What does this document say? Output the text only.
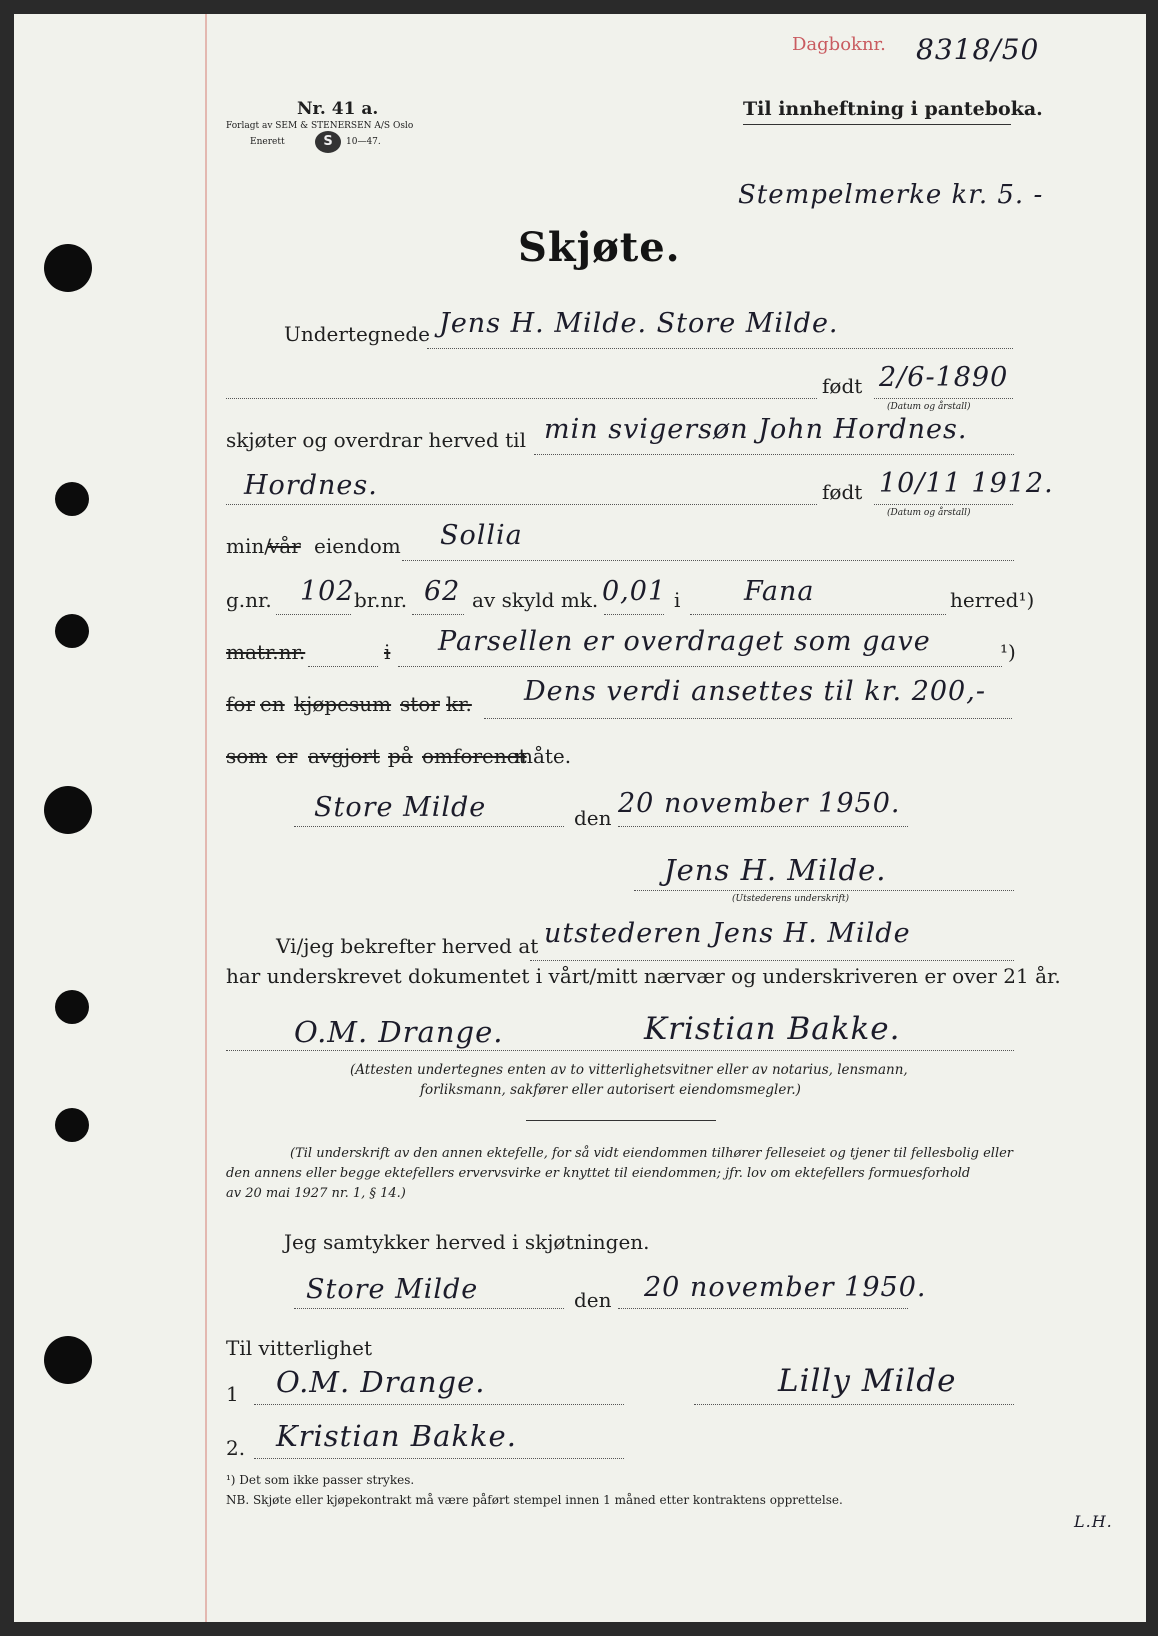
Dagboknr. 8318/50
Nr. 41 a.
Forlagt av SEM & STENERSEN A/S Oslo
Enerett	S	10—47.
Til innheftning i panteboka.
Stempelmerke kr. 5. -
Skjøte.
Undertegnede Jens H. Milde. Store Milde.
født 2/6-1890
(Datum og årstall)
skjøter og overdrar herved til min svigersøn John Hordnes.
Hordnes.	født 10/11 1912.
(Datum og årstall)
min/
vår eiendom Sollia
g.nr. 102 br.nr. 62 av skyld mk. 0,01 i Fana	herred¹)
matr.nr.	i Parsellen er overdraget som gave	¹)
for en kjøpesum stor kr. Dens verdi ansettes til kr. 200,-
som er avgjort på omforenet
måte.
Store Milde	den 20 november 1950.
Jens H. Milde.
(Utstederens underskrift)
Vi/jeg bekrefter herved at utstederen Jens H. Milde
har underskrevet dokumentet i vårt/mitt nærvær og underskriveren er over 21 år.
O.M. Drange.	Kristian Bakke.
(Attesten undertegnes enten av to vitterlighetsvitner eller av notarius, lensmann,
forliksmann, sakfører eller autorisert eiendomsmegler.)
(Til underskrift av den annen ektefelle, for så vidt eiendommen tilhører felleseiet og tjener til fellesbolig eller
den annens eller begge ektefellers ervervsvirke er knyttet til eiendommen; jfr. lov om ektefellers formuesforhold
av 20 mai 1927 nr. 1, § 14.)
Jeg samtykker herved i skjøtningen.
Store Milde	den 20 november 1950.
Til vitterlighet
1 O.M. Drange.	Lilly Milde
2. Kristian Bakke.
¹) Det som ikke passer strykes.
NB. Skjøte eller kjøpekontrakt må være påført stempel innen 1 måned etter kontraktens opprettelse.
L.H.
